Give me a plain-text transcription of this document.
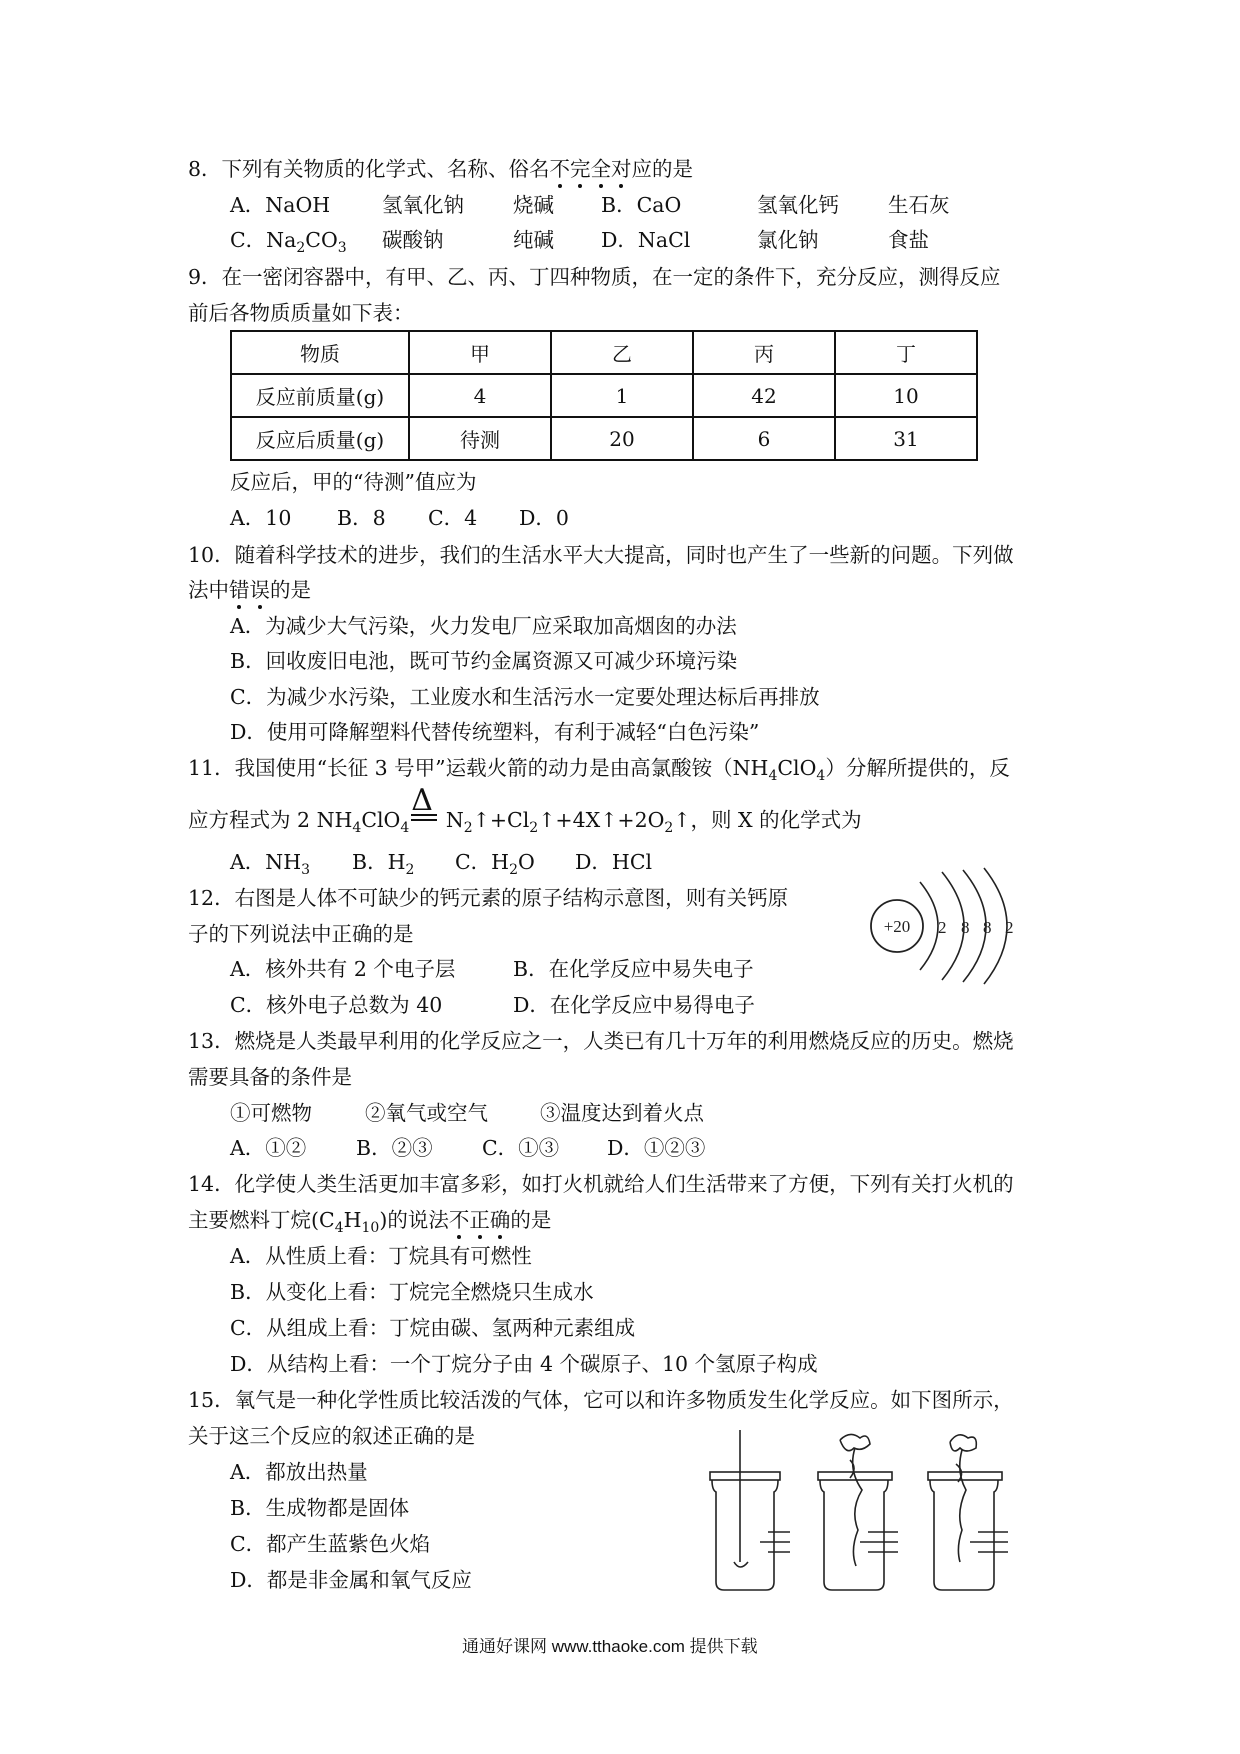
8．下列有关物质的化学式、名称、俗名不完全对应的是
A．NaOH	氢氧化钠 烧碱 B．CaO	氢氧化钙 生石灰
C．$Na_2CO_3$ 碳酸钠	纯碱 D．NaCl	氯化钠	食盐
9．在一密闭容器中，有甲、乙、丙、丁四种物质，在一定的条件下，充分反应，测得反应
前后各物质质量如下表：
物质	甲	乙	丙	丁
反应前质量(g)	4	1	42	10
反应后质量(g)	待测	20	6	31
反应后，甲的“待测”值应为
A．10 B．8 C．4 D．0
10．随着科学技术的进步，我们的生活水平大大提高，同时也产生了一些新的问题。下列做
法中错误的是
A．为减少大气污染，火力发电厂应采取加高烟囱的办法
B．回收废旧电池，既可节约金属资源又可减少环境污染
C．为减少水污染，工业废水和生活污水一定要处理达标后再排放
D．使用可降解塑料代替传统塑料，有利于减轻“白色污染”
11．我国使用“长征 3 号甲”运载火箭的动力是由高氯酸铵$(NH_4ClO_4)$分解所提供的，反
应方程式为 2 $NH_4ClO_4$
Δ
$N_2↑+Cl_2↑+4X↑+2O_2↑$，则 X 的化学式为
A．$NH_3$ B．$H_2$ C．$H_2O$ D．HCl
12．右图是人体不可缺少的钙元素的原子结构示意图，则有关钙原
子的下列说法中正确的是
A．核外共有 2 个电子层	B．在化学反应中易失电子
C．核外电子总数为 40	D．在化学反应中易得电子
+20 2 8 8 2
13．燃烧是人类最早利用的化学反应之一，人类已有几十万年的利用燃烧反应的历史。燃烧
需要具备的条件是
①可燃物	②氧气或空气	③温度达到着火点
A．①② B．②③ C．①③ D．①②③
14．化学使人类生活更加丰富多彩，如打火机就给人们生活带来了方便，下列有关打火机的
主要燃料丁烷$(C_4H_{10})$的说法不正确的是
A．从性质上看：丁烷具有可燃性
B．从变化上看：丁烷完全燃烧只生成水
C．从组成上看：丁烷由碳、氢两种元素组成
D．从结构上看：一个丁烷分子由 4 个碳原子、10 个氢原子构成
15．氧气是一种化学性质比较活泼的气体，它可以和许多物质发生化学反应。如下图所示，
关于这三个反应的叙述正确的是
A．都放出热量
B．生成物都是固体
C．都产生蓝紫色火焰
D．都是非金属和氧气反应
通通好课网 www.tthaoke.com 提供下载
